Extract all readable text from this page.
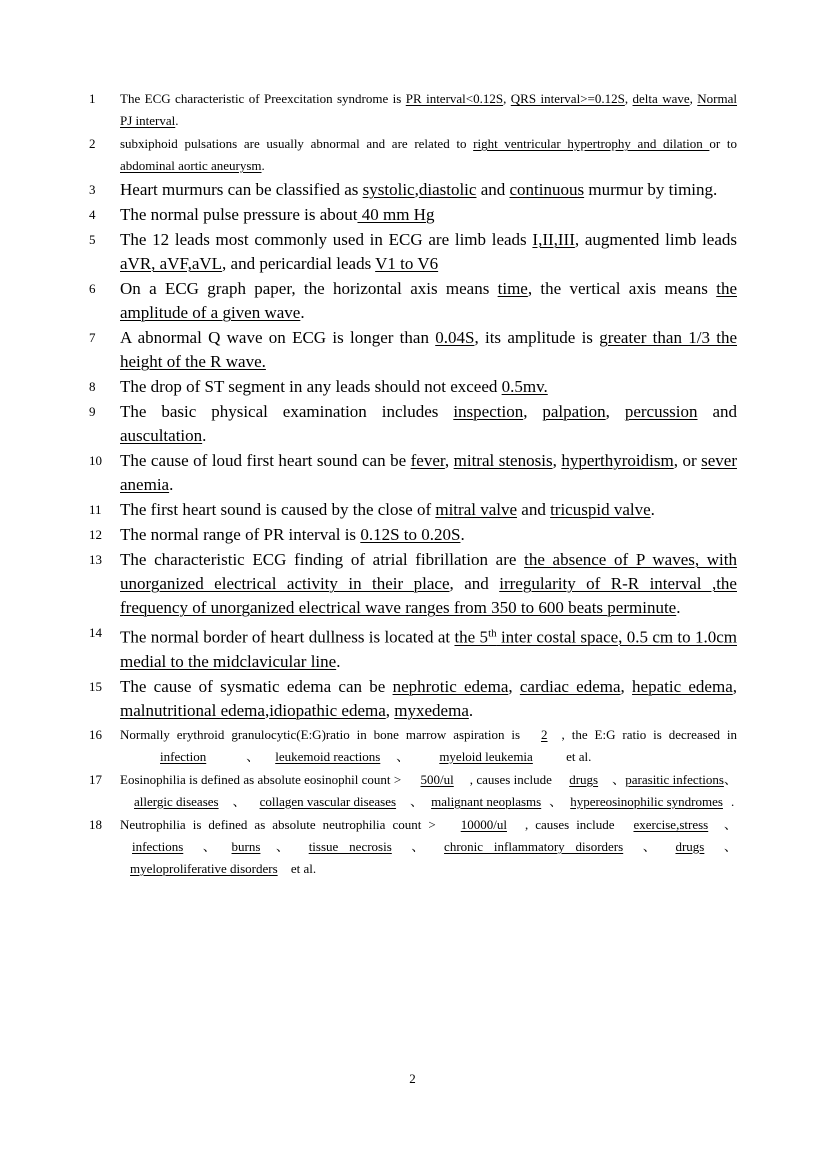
1	The ECG characteristic of Preexcitation syndrome is PR interval<0.12S, QRS interval>=0.12S, delta wave, Normal PJ interval.
2	subxiphoid pulsations are usually abnormal and are related to right ventricular hypertrophy and dilation or to abdominal aortic aneurysm.
3	Heart murmurs can be classified as systolic,diastolic and continuous murmur by timing.
4	The normal pulse pressure is about 40 mm Hg
5	The 12 leads most commonly used in ECG are limb leads I,II,III, augmented limb leads aVR, aVF,aVL, and pericardial leads V1 to V6
6	On a ECG graph paper, the horizontal axis means time, the vertical axis means the amplitude of a given wave.
7	A abnormal Q wave on ECG is longer than 0.04S, its amplitude is greater than 1/3 the height of the R wave.
8	The drop of ST segment in any leads should not exceed 0.5mv.
9	The basic physical examination includes inspection, palpation, percussion and auscultation.
10	The cause of loud first heart sound can be fever, mitral stenosis, hyperthyroidism, or sever anemia.
11	The first heart sound is caused by the close of mitral valve and tricuspid valve.
12	The normal range of PR interval is 0.12S to 0.20S.
13	The characteristic ECG finding of atrial fibrillation are the absence of P waves, with unorganized electrical activity in their place, and irregularity of R-R interval ,the frequency of unorganized electrical wave ranges from 350 to 600 beats perminute.
14	The normal border of heart dullness is located at the 5th inter costal space, 0.5 cm to 1.0cm medial to the midclavicular line.
15	The cause of sysmatic edema can be nephrotic edema, cardiac edema, hepatic edema, malnutritional edema,idiopathic edema, myxedema.
16	Normally erythroid granulocytic(E:G)ratio in bone marrow aspiration is 2 , the E:G ratio is decreased in infection	、 leukemoid reactions 、 myeloid leukemia et al.
17	Eosinophilia is defined as absolute eosinophil count > 500/ul , causes include drugs 、parasitic infections、allergic diseases 、 collagen vascular diseases 、 malignant neoplasms 、 hypereosinophilic syndromes .
18	Neutrophilia is defined as absolute neutrophilia count > 10000/ul , causes include exercise,stress 、infections 、 burns 、 tissue necrosis 、 chronic inflammatory disorders 、 drugs 、myeloproliferative disorders et al.
2
